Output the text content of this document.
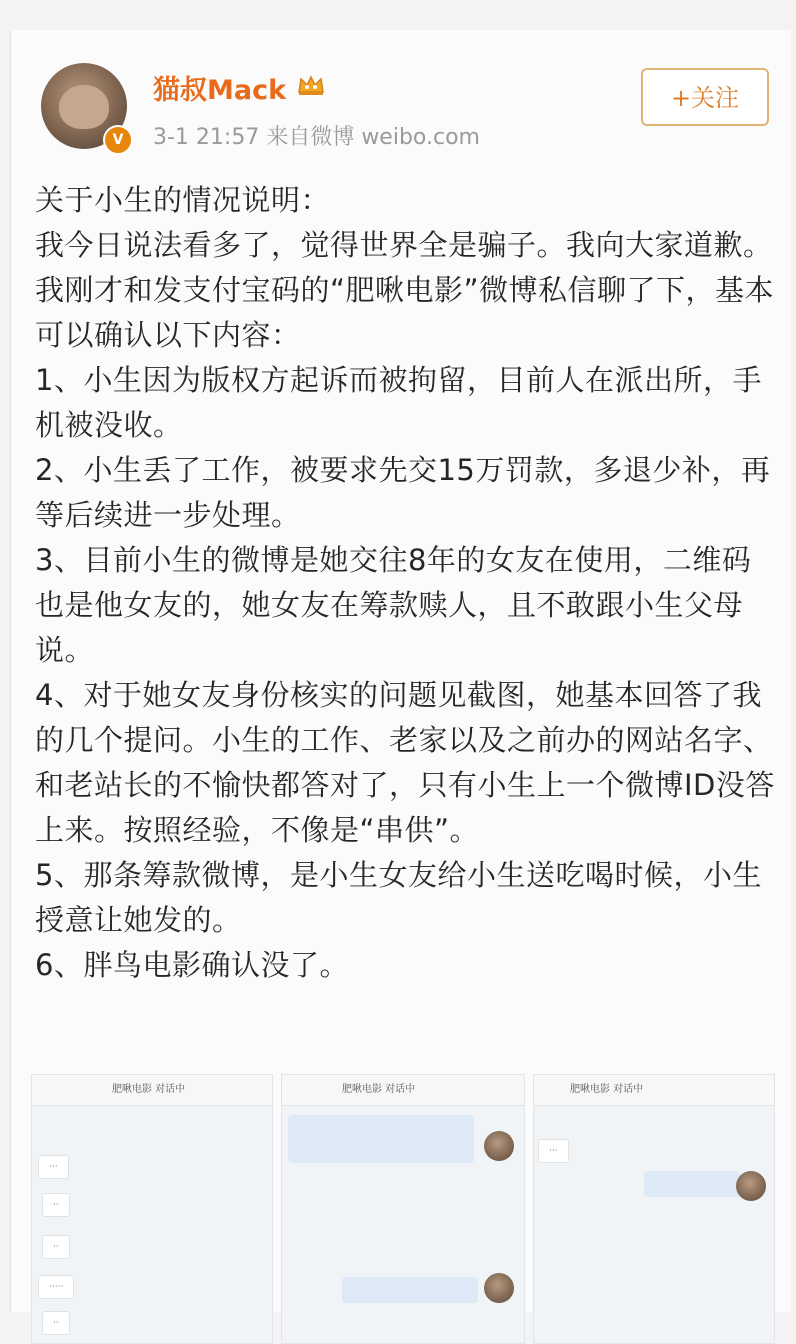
V
猫叔Mack
3-1 21:57 来自微博 weibo.com
+关注
关于小生的情况说明：
我今日说法看多了，觉得世界全是骗子。我向大家道歉。
我刚才和发支付宝码的“肥啾电影”微博私信聊了下，基本可以确认以下内容：
1、小生因为版权方起诉而被拘留，目前人在派出所，手机被没收。
2、小生丢了工作，被要求先交15万罚款，多退少补，再等后续进一步处理。
3、目前小生的微博是她交往8年的女友在使用，二维码也是他女友的，她女友在筹款赎人，且不敢跟小生父母说。
4、对于她女友身份核实的问题见截图，她基本回答了我的几个提问。小生的工作、老家以及之前办的网站名字、和老站长的不愉快都答对了，只有小生上一个微博ID没答上来。按照经验，不像是“串供”。
5、那条筹款微博，是小生女友给小生送吃喝时候，小生授意让她发的。
6、胖鸟电影确认没了。
肥啾电影 对话中
···
··
··
·····
··
肥啾电影 对话中	肥啾电影 对话中
···
